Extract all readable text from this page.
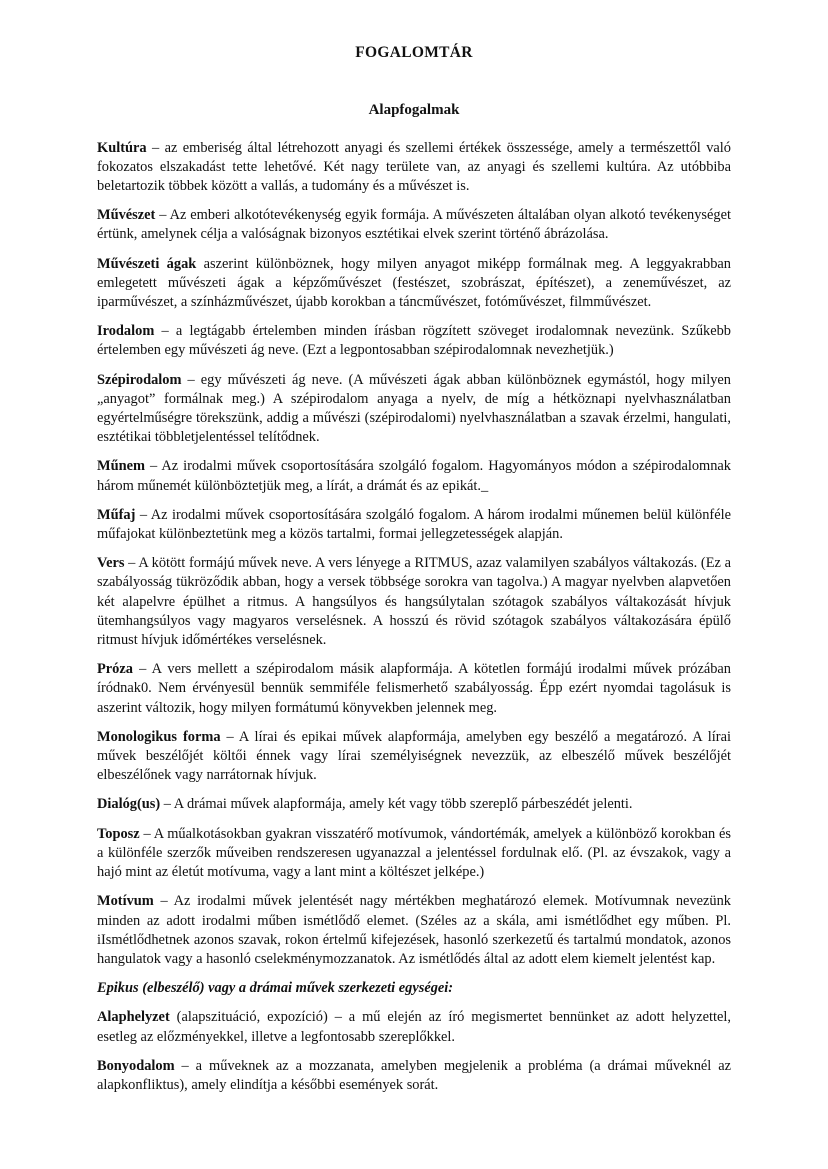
FOGALOMTÁR
Alapfogalmak

Kultúra – az emberiség által létrehozott anyagi és szellemi értékek összessége, amely a természettől való fokozatos elszakadást tette lehetővé. Két nagy területe van, az anyagi és szellemi kultúra. Az utóbbiba beletartozik többek között a vallás, a tudomány és a művészet is.

Művészet – Az emberi alkotótevékenység egyik formája. A művészeten általában olyan alkotó tevékenységet értünk, amelynek célja a valóságnak bizonyos esztétikai elvek szerint történő ábrázolása.

Művészeti ágak aszerint különböznek, hogy milyen anyagot miképp formálnak meg. A leggyakrabban emlegetett művészeti ágak a képzőművészet (festészet, szobrászat, építészet), a zeneművészet, az iparművészet, a színházművészet, újabb korokban a táncművészet, fotóművészet, filmművészet.

Irodalom – a legtágabb értelemben minden írásban rögzített szöveget irodalomnak nevezünk. Szűkebb értelemben egy művészeti ág neve. (Ezt a legpontosabban szépirodalomnak nevezhetjük.)

Szépirodalom – egy művészeti ág neve. (A művészeti ágak abban különböznek egymástól, hogy milyen „anyagot” formálnak meg.) A szépirodalom anyaga a nyelv, de míg a hétköznapi nyelvhasználatban egyértelműségre törekszünk, addig a művészi (szépirodalomi) nyelvhasználatban a szavak érzelmi, hangulati, esztétikai többletjelentéssel telítődnek.

Műnem – Az irodalmi művek csoportosítására szolgáló fogalom. Hagyományos módon a szépirodalomnak három műnemét különböztetjük meg, a lírát, a drámát és az epikát._

Műfaj – Az irodalmi művek csoportosítására szolgáló fogalom. A három irodalmi műnemen belül különféle műfajokat különbeztetünk meg a közös tartalmi, formai jellegzetességek alapján.

Vers – A kötött formájú művek neve. A vers lényege a RITMUS, azaz valamilyen szabályos váltakozás. (Ez a szabályosság tükröződik abban, hogy a versek többsége sorokra van tagolva.) A magyar nyelvben alapvetően két alapelvre épülhet a ritmus. A hangsúlyos és hangsúlytalan szótagok szabályos váltakozását hívjuk ütemhangsúlyos vagy magyaros verselésnek. A hosszú és rövid szótagok szabályos váltakozására épülő ritmust hívjuk időmértékes verselésnek.

Próza – A vers mellett a szépirodalom másik alapformája. A kötetlen formájú irodalmi művek prózában íródnak0. Nem érvényesül bennük semmiféle felismerhető szabályosság. Épp ezért nyomdai tagolásuk is aszerint változik, hogy milyen formátumú könyvekben jelennek meg.

Monologikus forma – A lírai és epikai művek alapformája, amelyben egy beszélő a megatározó. A lírai művek beszélőjét költői énnek vagy lírai személyiségnek nevezzük, az elbeszélő művek beszélőjét elbeszélőnek vagy narrátornak hívjuk.

Dialóg(us) – A drámai művek alapformája, amely két vagy több szereplő párbeszédét jelenti.

Toposz – A műalkotásokban gyakran visszatérő motívumok, vándortémák, amelyek a különböző korokban és a különféle szerzők műveiben rendszeresen ugyanazzal a jelentéssel fordulnak elő. (Pl. az évszakok, vagy a hajó mint az életút motívuma, vagy a lant mint a költészet jelképe.)

Motívum – Az irodalmi művek jelentését nagy mértékben meghatározó elemek. Motívumnak nevezünk minden az adott irodalmi műben ismétlődő elemet. (Széles az a skála, ami ismétlődhet egy műben. Pl. iIsmétlődhetnek azonos szavak, rokon értelmű kifejezések, hasonló szerkezetű és tartalmú mondatok, azonos hangulatok vagy a hasonló cselekménymozzanatok. Az ismétlődés által az adott elem kiemelt jelentést kap.

Epikus (elbeszélő) vagy a drámai művek szerkezeti egységei:

Alaphelyzet (alapszituáció, expozíció) – a mű elején az író megismertet bennünket az adott helyzettel, esetleg az előzményekkel, illetve a legfontosabb szereplőkkel.

Bonyodalom – a műveknek az a mozzanata, amelyben megjelenik a probléma (a drámai műveknél az alapkonfliktus), amely elindítja a későbbi események sorát.
